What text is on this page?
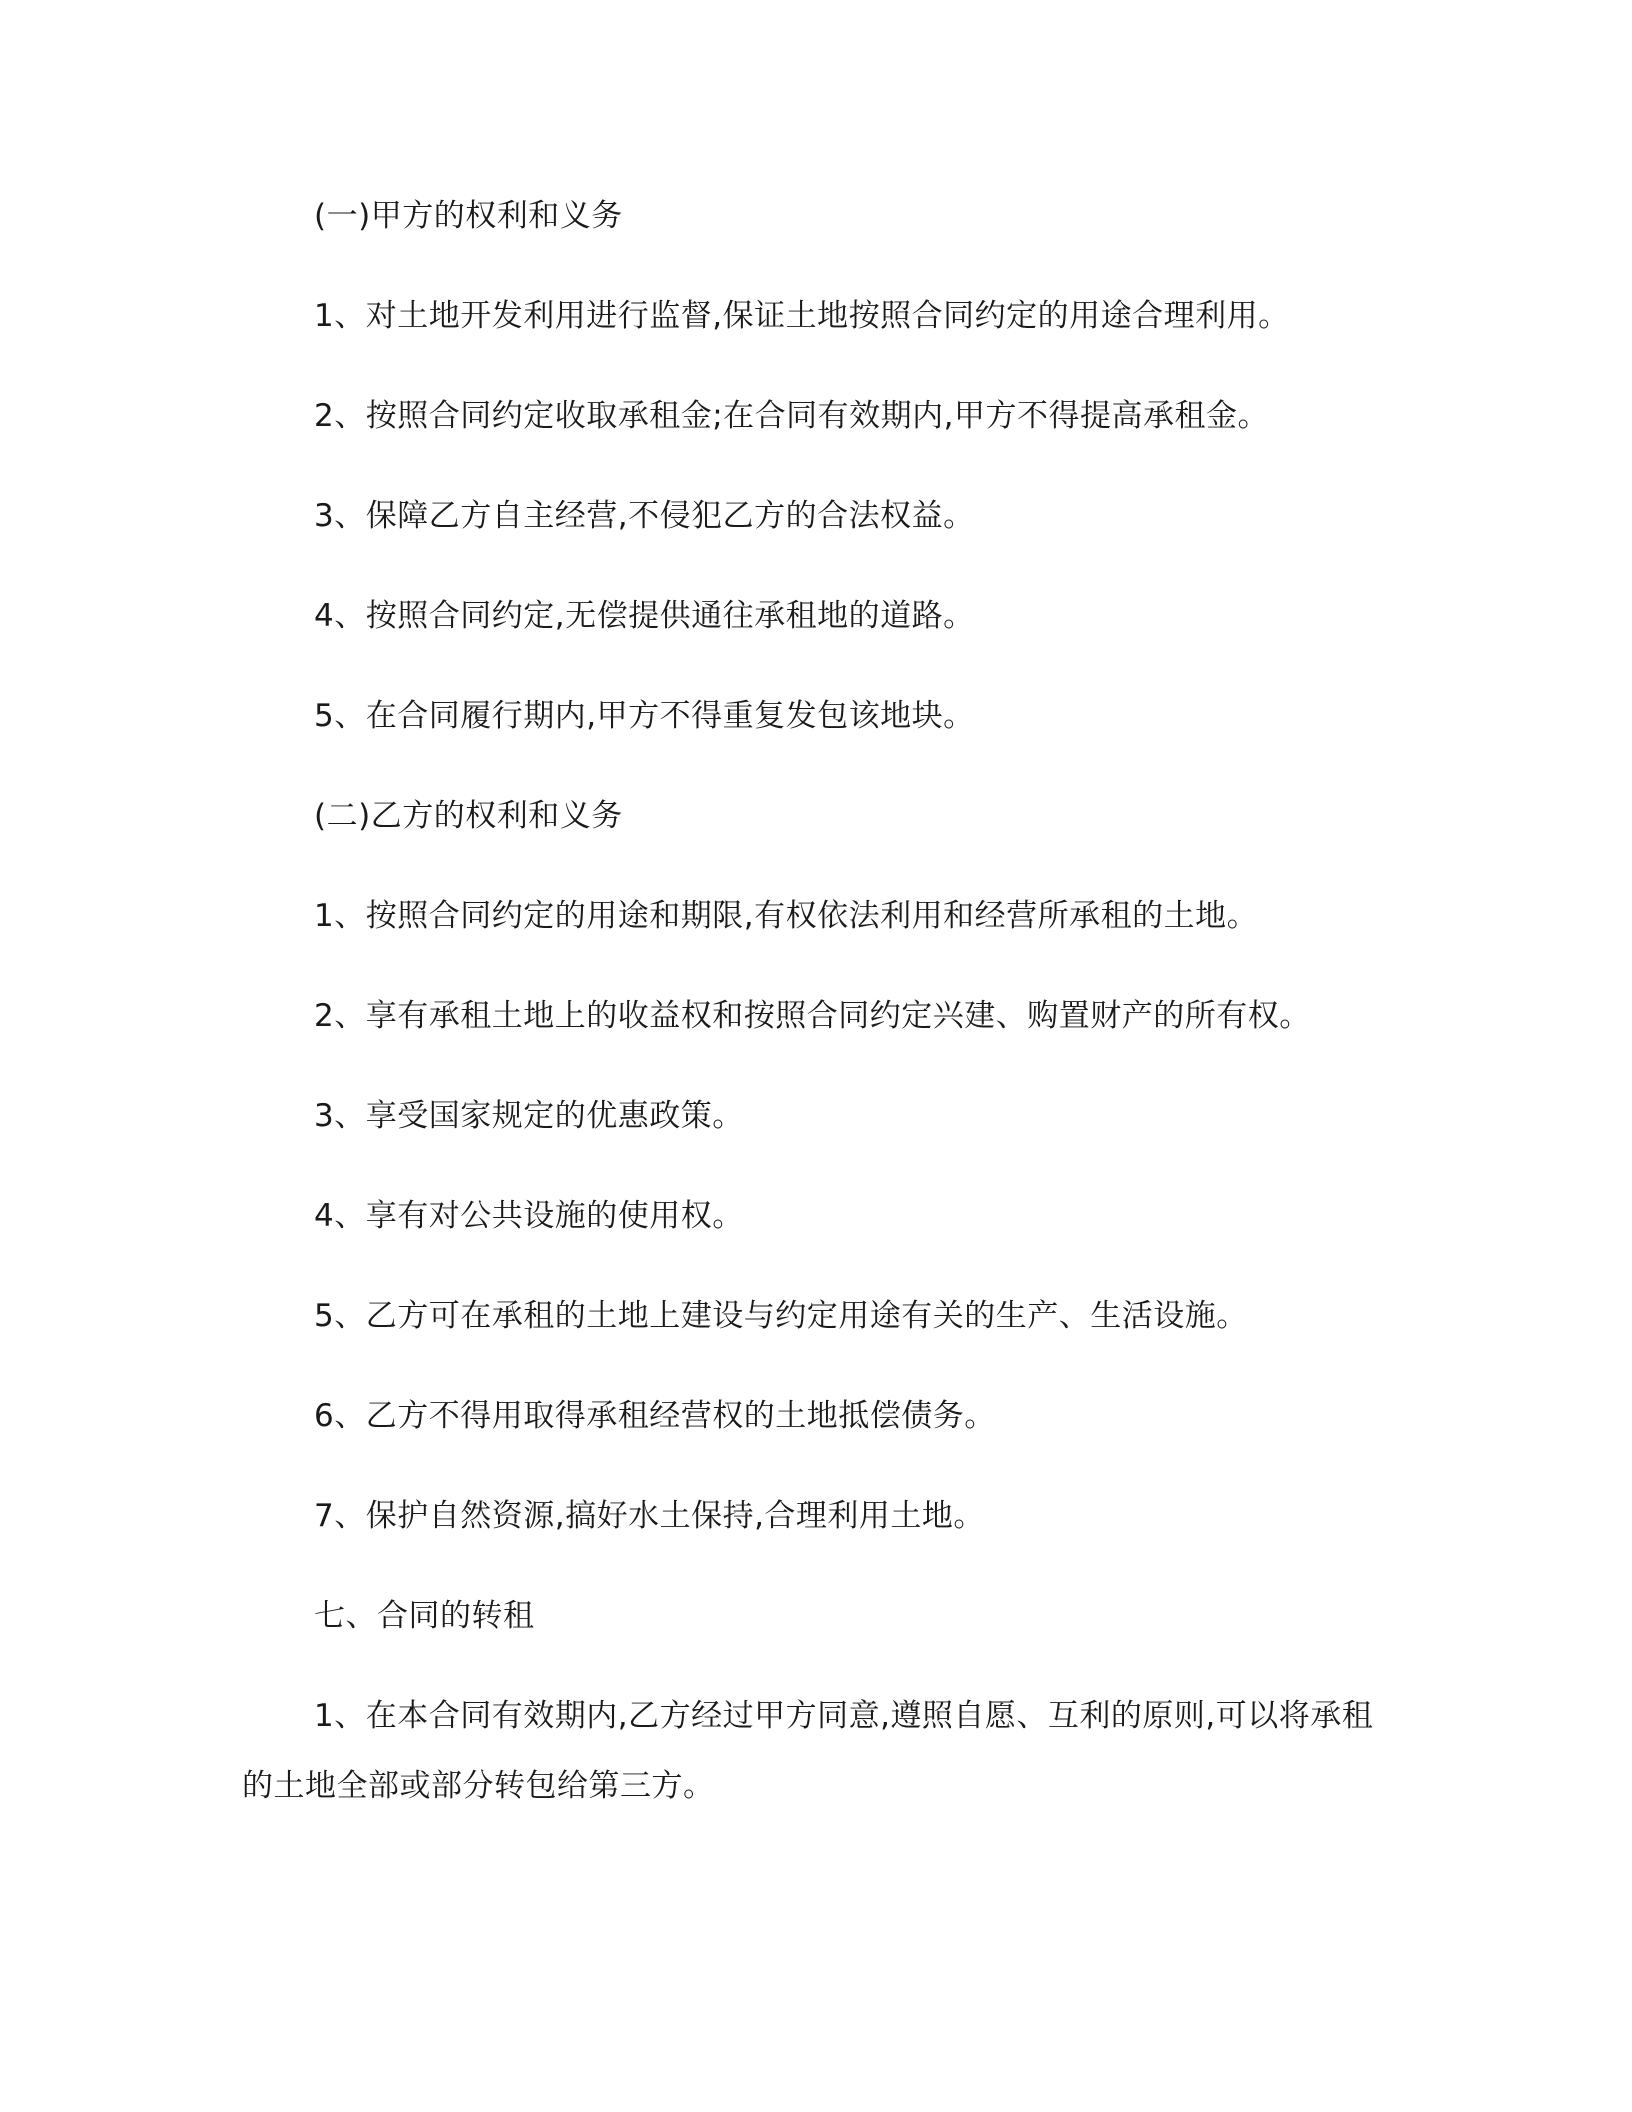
(一)甲方的权利和义务
1、对土地开发利用进行监督,保证土地按照合同约定的用途合理利用。
2、按照合同约定收取承租金;在合同有效期内,甲方不得提高承租金。
3、保障乙方自主经营,不侵犯乙方的合法权益。
4、按照合同约定,无偿提供通往承租地的道路。
5、在合同履行期内,甲方不得重复发包该地块。
(二)乙方的权利和义务
1、按照合同约定的用途和期限,有权依法利用和经营所承租的土地。
2、享有承租土地上的收益权和按照合同约定兴建、购置财产的所有权。
3、享受国家规定的优惠政策。
4、享有对公共设施的使用权。
5、乙方可在承租的土地上建设与约定用途有关的生产、生活设施。
6、乙方不得用取得承租经营权的土地抵偿债务。
7、保护自然资源,搞好水土保持,合理利用土地。
七、合同的转租
1、在本合同有效期内,乙方经过甲方同意,遵照自愿、互利的原则,可以将承租的土地全部或部分转包给第三方。
